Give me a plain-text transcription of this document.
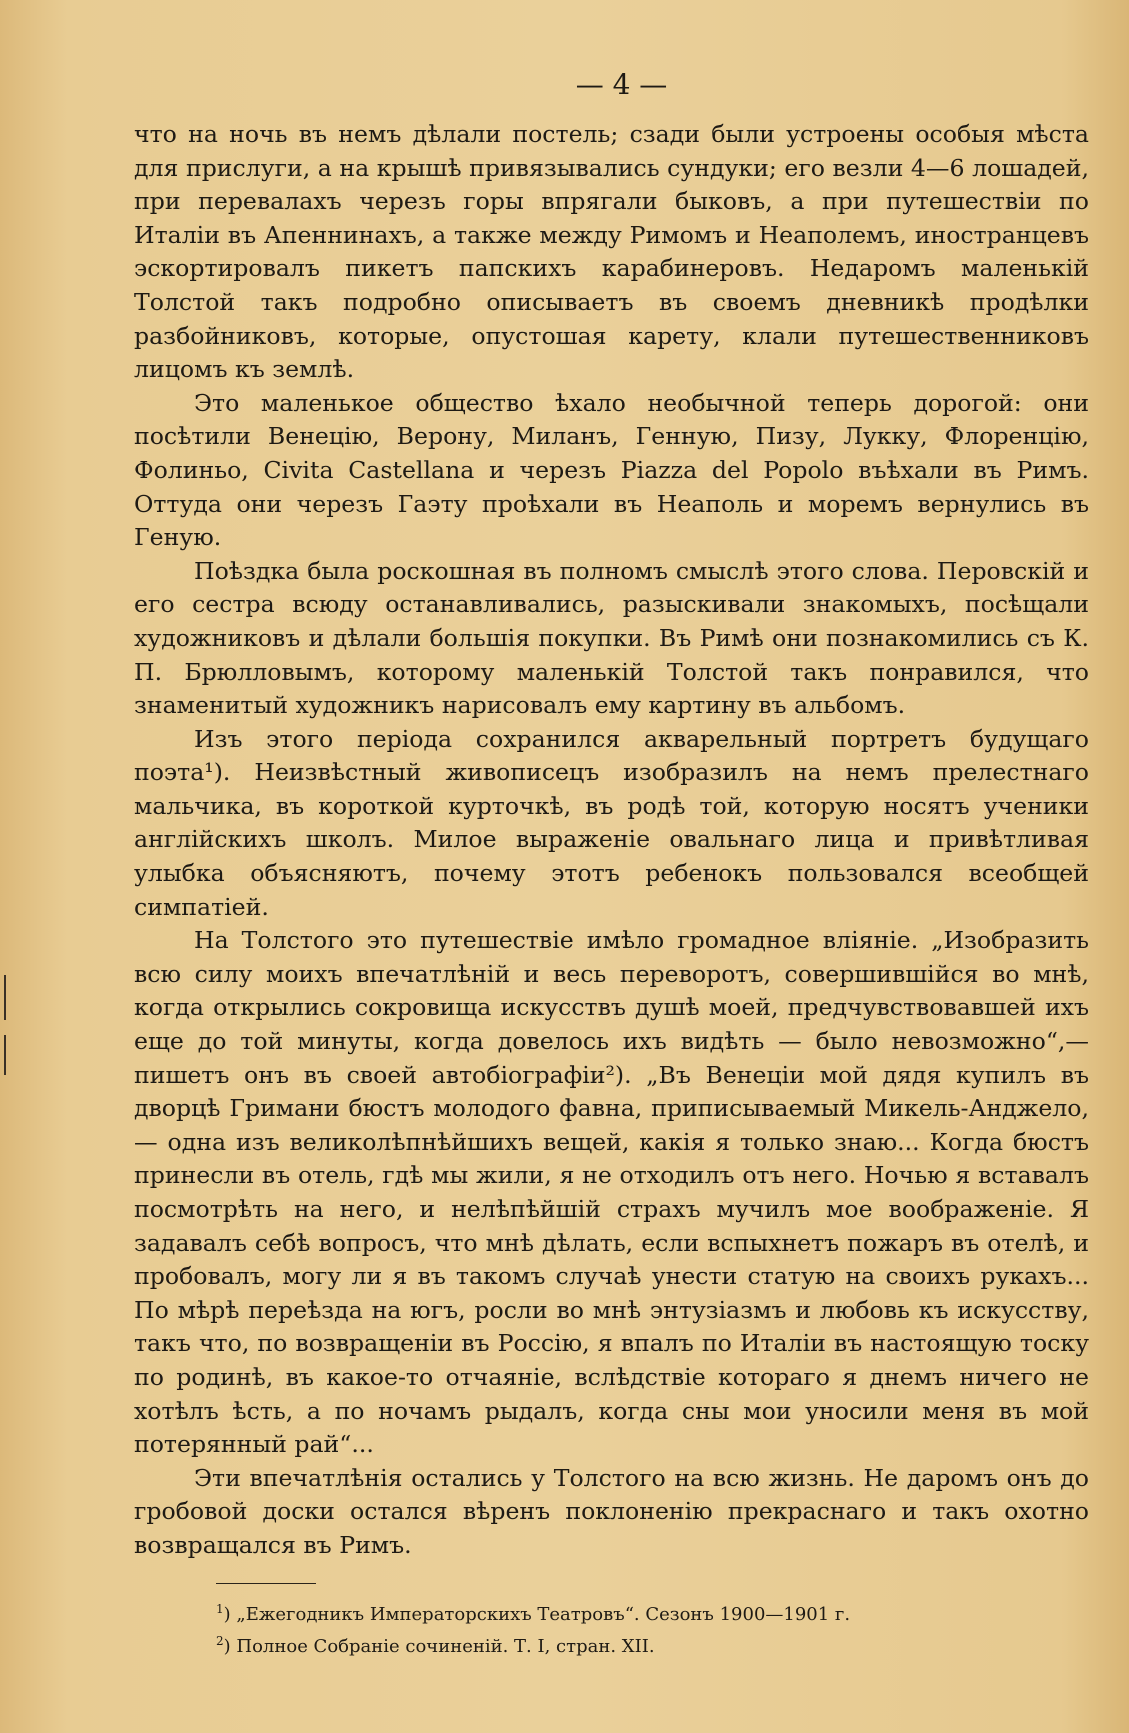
— 4 —

что на ночь въ немъ дѣлали постель; сзади были устроены особыя мѣста для прислуги, а на крышѣ привязывались сундуки; его везли 4—6 лошадей, при перевалахъ черезъ горы впрягали быковъ, а при путешествіи по Италіи въ Апеннинахъ, а также между Римомъ и Неаполемъ, иностранцевъ эскортировалъ пикетъ папскихъ карабинеровъ. Недаромъ маленькій Толстой такъ подробно описываетъ въ своемъ дневникѣ продѣлки разбойниковъ, которые, опустошая карету, клали путешественниковъ лицомъ къ землѣ.

Это маленькое общество ѣхало необычной теперь дорогой: они посѣтили Венецію, Верону, Миланъ, Генную, Пизу, Лукку, Флоренцію, Фолиньо, Civita Castellana и черезъ Piazza del Popolo въѣхали въ Римъ. Оттуда они черезъ Гаэту проѣхали въ Неаполь и моремъ вернулись въ Геную.

Поѣздка была роскошная въ полномъ смыслѣ этого слова. Перовскій и его сестра всюду останавливались, разыскивали знакомыхъ, посѣщали художниковъ и дѣлали большія покупки. Въ Римѣ они познакомились съ К. П. Брюлловымъ, которому маленькій Толстой такъ понравился, что знаменитый художникъ нарисовалъ ему картину въ альбомъ.

Изъ этого періода сохранился акварельный портретъ будущаго поэта¹). Неизвѣстный живописецъ изобразилъ на немъ прелестнаго мальчика, въ короткой курточкѣ, въ родѣ той, которую носятъ ученики англійскихъ школъ. Милое выраженіе овальнаго лица и привѣтливая улыбка объясняютъ, почему этотъ ребенокъ пользовался всеобщей симпатіей.

На Толстого это путешествіе имѣло громадное вліяніе. „Изобразить всю силу моихъ впечатлѣній и весь переворотъ, совершившійся во мнѣ, когда открылись сокровища искусствъ душѣ моей, предчувствовавшей ихъ еще до той минуты, когда довелось ихъ видѣть — было невозможно“,—пишетъ онъ въ своей автобіографіи²). „Въ Венеціи мой дядя купилъ въ дворцѣ Гримани бюстъ молодого фавна, приписываемый Микель-Анджело, — одна изъ великолѣпнѣйшихъ вещей, какія я только знаю... Когда бюстъ принесли въ отель, гдѣ мы жили, я не отходилъ отъ него. Ночью я вставалъ посмотрѣть на него, и нелѣпѣйшій страхъ мучилъ мое воображеніе. Я задавалъ себѣ вопросъ, что мнѣ дѣлать, если вспыхнетъ пожаръ въ отелѣ, и пробовалъ, могу ли я въ такомъ случаѣ унести статую на своихъ рукахъ... По мѣрѣ переѣзда на югъ, росли во мнѣ энтузіазмъ и любовь къ искусству, такъ что, по возвращеніи въ Россію, я впалъ по Италіи въ настоящую тоску по родинѣ, въ какое-то отчаяніе, вслѣдствіе котораго я днемъ ничего не хотѣлъ ѣсть, а по ночамъ рыдалъ, когда сны мои уносили меня въ мой потерянный рай“...

Эти впечатлѣнія остались у Толстого на всю жизнь. Не даромъ онъ до гробовой доски остался вѣренъ поклоненію прекраснаго и такъ охотно возвращался въ Римъ.

$^1$) „Ежегодникъ Императорскихъ Театровъ“. Сезонъ 1900—1901 г.
$^2$) Полное Собраніе сочиненій. Т. I, стран. XII.
